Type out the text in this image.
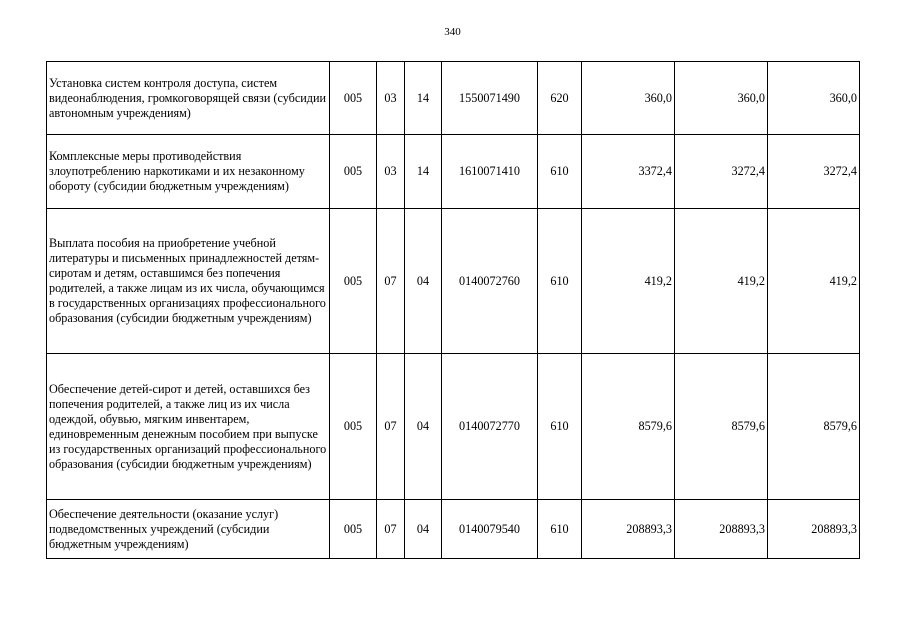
340
Установка систем контроля доступа, систем видеонаблюдения, громкоговорящей связи (субсидии автономным учреждениям)	005	03	14	1550071490	620	360,0	360,0	360,0
Комплексные меры противодействия злоупотреблению наркотиками и их незаконному обороту (субсидии бюджетным учреждениям)	005	03	14	1610071410	610	3372,4	3272,4	3272,4
Выплата пособия на приобретение учебной литературы и письменных принадлежностей детям-сиротам и детям, оставшимся без попечения родителей, а также лицам из их числа, обучающимся в государственных организациях профессионального образования (субсидии бюджетным учреждениям)	005	07	04	0140072760	610	419,2	419,2	419,2
Обеспечение детей-сирот и детей, оставшихся без попечения родителей, а также лиц из их числа одеждой, обувью, мягким инвентарем, единовременным денежным пособием при выпуске из государственных организаций профессионального образования (субсидии бюджетным учреждениям)	005	07	04	0140072770	610	8579,6	8579,6	8579,6
Обеспечение деятельности (оказание услуг) подведомственных учреждений (субсидии бюджетным учреждениям)	005	07	04	0140079540	610	208893,3	208893,3	208893,3
